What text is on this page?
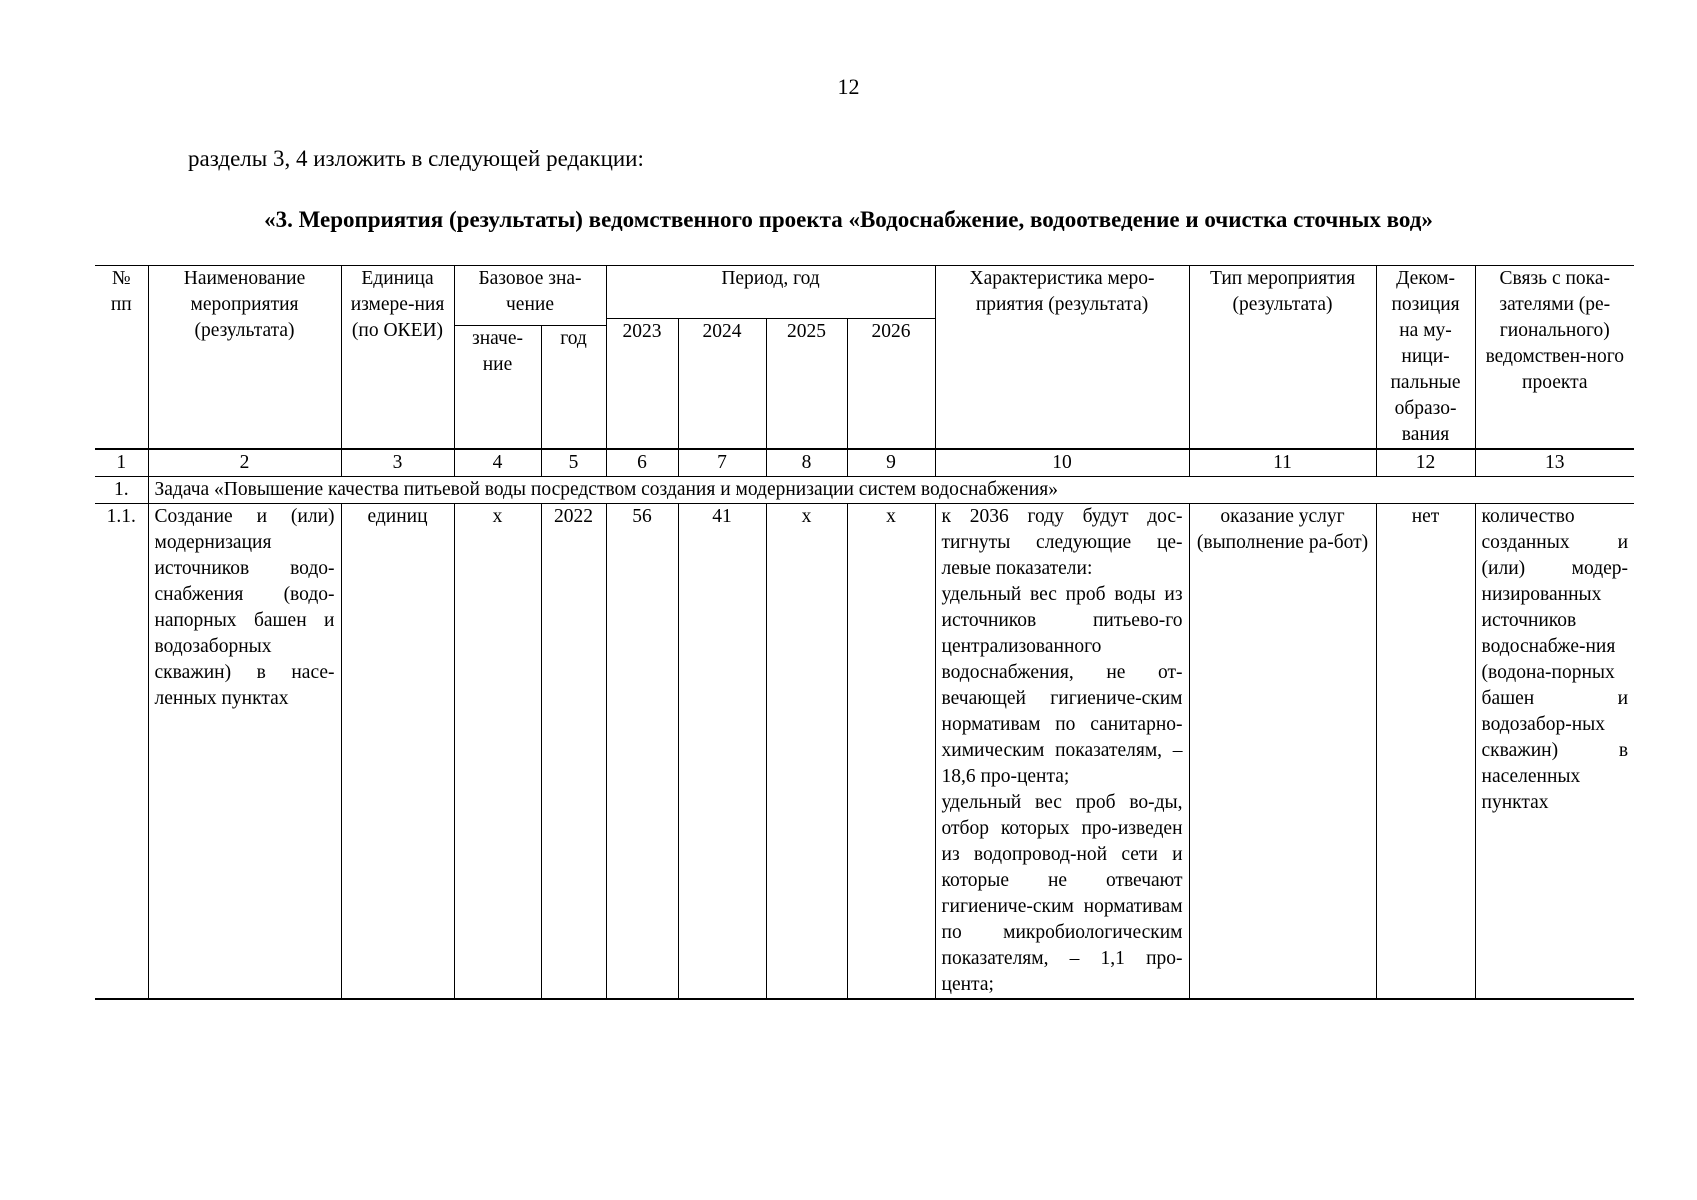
12
разделы 3, 4 изложить в следующей редакции:
«3. Мероприятия (результаты) ведомственного проекта «Водоснабжение, водоотведение и очистка сточных вод»
№ пп	Наименование мероприятия (результата)	Единица измере-ния (по ОКЕИ)	Базовое зна-чение		Период, год				Характеристика меро-приятия (результата)	Тип мероприятия (результата)	Деком-позиция на му-ници-пальные образо-вания	Связь с пока-зателями (ре-гионального) ведомствен-ного проекта
					2023	2024	2025	2026				
			значе-ние	год								
1	2	3	4	5	6	7	8	9	10	11	12	13
1.	Задача «Повышение качества питьевой воды посредством создания и модернизации систем водоснабжения»											
1.1.	Создание и (или) модернизация источников водо-снабжения (водо-напорных башен и водозаборных скважин) в насе-ленных пунктах	единиц	х	2022	56	41	х	х	к 2036 году будут дос-тигнуты следующие це-левые показатели:
удельный вес проб воды из источников питьево-го централизованного водоснабжения, не от-вечающей гигиениче-ским нормативам по санитарно-химическим показателям, – 18,6 про-цента;
удельный вес проб во-ды, отбор которых про-изведен из водопровод-ной сети и которые не отвечают гигиениче-ским нормативам по микробиологическим показателям, – 1,1 про-цента;	оказание услуг (выполнение ра-бот)	нет	количество созданных и (или) модер-низированных источников водоснабже-ния (водона-порных башен и водозабор-ных скважин) в населенных пунктах
